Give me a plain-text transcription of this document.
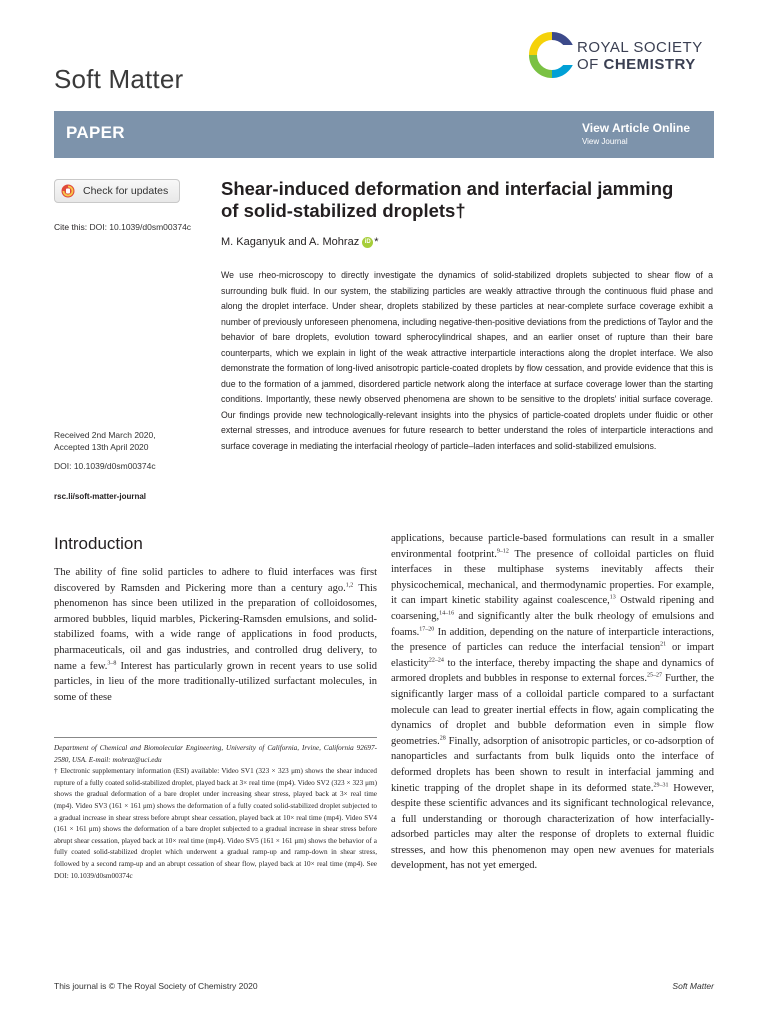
Soft Matter
ROYAL SOCIETY
OF CHEMISTRY
PAPER	View Article Online
View Journal
Check for updates
Cite this: DOI: 10.1039/d0sm00374c
Shear-induced deformation and interfacial jamming of solid-stabilized droplets†
M. Kaganyuk and A. Mohraz iD *
We use rheo-microscopy to directly investigate the dynamics of solid-stabilized droplets subjected to shear flow of a surrounding bulk fluid. In our system, the stabilizing particles are weakly attractive through the continuous fluid phase and along the droplet interface. Under shear, droplets stabilized by these particles at near-complete surface coverage exhibit a number of previously unforeseen phenomena, including negative-then-positive deviations from the predictions of Taylor and the behavior of bare droplets, evolution toward spherocylindrical shapes, and an earlier onset of rupture than their bare counterparts, which we explain in light of the weak attractive interparticle interactions along the droplet interface. We also demonstrate the formation of long-lived anisotropic particle-coated droplets by flow cessation, and provide evidence that this is due to the formation of a jammed, disordered particle network along the interface at surface coverage lower than the starting conditions. Importantly, these newly observed phenomena are shown to be sensitive to the droplets' initial surface coverage. Our findings provide new technologically-relevant insights into the physics of particle-coated droplets under fluidic or other external stresses, and introduce avenues for future research to better understand the roles of interparticle interactions and surface coverage in mediating the interfacial rheology of particle–laden interfaces and solid-stabilized emulsions.
Received 2nd March 2020,
Accepted 13th April 2020
DOI: 10.1039/d0sm00374c
rsc.li/soft-matter-journal
Introduction

The ability of fine solid particles to adhere to fluid interfaces was first discovered by Ramsden and Pickering more than a century ago.$^{1,2}$ This phenomenon has since been utilized in the preparation of colloidosomes, armored bubbles, liquid marbles, Pickering-Ramsden emulsions, and solid-stabilized foams, with a wide range of applications in food products, pharmaceuticals, oil and gas industries, and controlled drug delivery, to name a few.$^{3-8}$ Interest has particularly grown in recent years to use solid particles, in lieu of the more traditionally-utilized surfactant molecules, in some of these

Department of Chemical and Biomolecular Engineering, University of California, Irvine, California 92697-2580, USA. E-mail: mohraz@uci.edu

† Electronic supplementary information (ESI) available: Video SV1 (323 × 323 μm) shows the shear induced rupture of a fully coated solid-stabilized droplet, played back at 3× real time (mp4). Video SV2 (323 × 323 μm) shows the gradual deformation of a bare droplet under increasing shear stress, played back at 3× real time (mp4). Video SV3 (161 × 161 μm) shows the deformation of a fully coated solid-stabilized droplet subjected to a gradual increase in shear stress before abrupt shear cessation, played back at 10× real time (mp4). Video SV4 (161 × 161 μm) shows the deformation of a bare droplet subjected to a gradual increase in shear stress before abrupt shear cessation, played back at 10× real time (mp4). Video SV5 (161 × 161 μm) shows the behavior of a fully coated solid-stabilized droplet which underwent a gradual ramp-up and ramp-down in shear stress, followed by a second ramp-up and an abrupt cessation of shear flow, played back at 10× real time (mp4). See DOI: 10.1039/d0sm00374c

applications, because particle-based formulations can result in a smaller environmental footprint.$^{9-12}$ The presence of colloidal particles on fluid interfaces in these multiphase systems inevitably affects their physicochemical, mechanical, and thermodynamic properties. For example, it can impart kinetic stability against coalescence,$^{13}$ Ostwald ripening and coarsening,$^{14-16}$ and significantly alter the bulk rheology of emulsions and foams.$^{17-20}$ In addition, depending on the nature of interparticle interactions, the presence of particles can reduce the interfacial tension$^{21}$ or impart elasticity$^{22-24}$ to the interface, thereby impacting the shape and dynamics of armored droplets and bubbles in response to external forces.$^{25-27}$ Further, the significantly larger mass of a colloidal particle compared to a surfactant molecule can lead to greater inertial effects in flow, again complicating the dynamics of droplet and bubble deformation even in simple flow geometries.$^{28}$ Finally, adsorption of anisotropic particles, or co-adsorption of nanoparticles and surfactants from bulk liquids onto the interface of deformed droplets has been shown to result in interfacial jamming and kinetic trapping of the droplet shape in its deformed state.$^{29-31}$ However, despite these scientific advances and its significant technological relevance, a full understanding or thorough characterization of how interfacially-adsorbed particles may alter the response of droplets to external fluidic stresses, and how this phenomenon may open new avenues for materials development, has not yet emerged.

This journal is © The Royal Society of Chemistry 2020	Soft Matter
